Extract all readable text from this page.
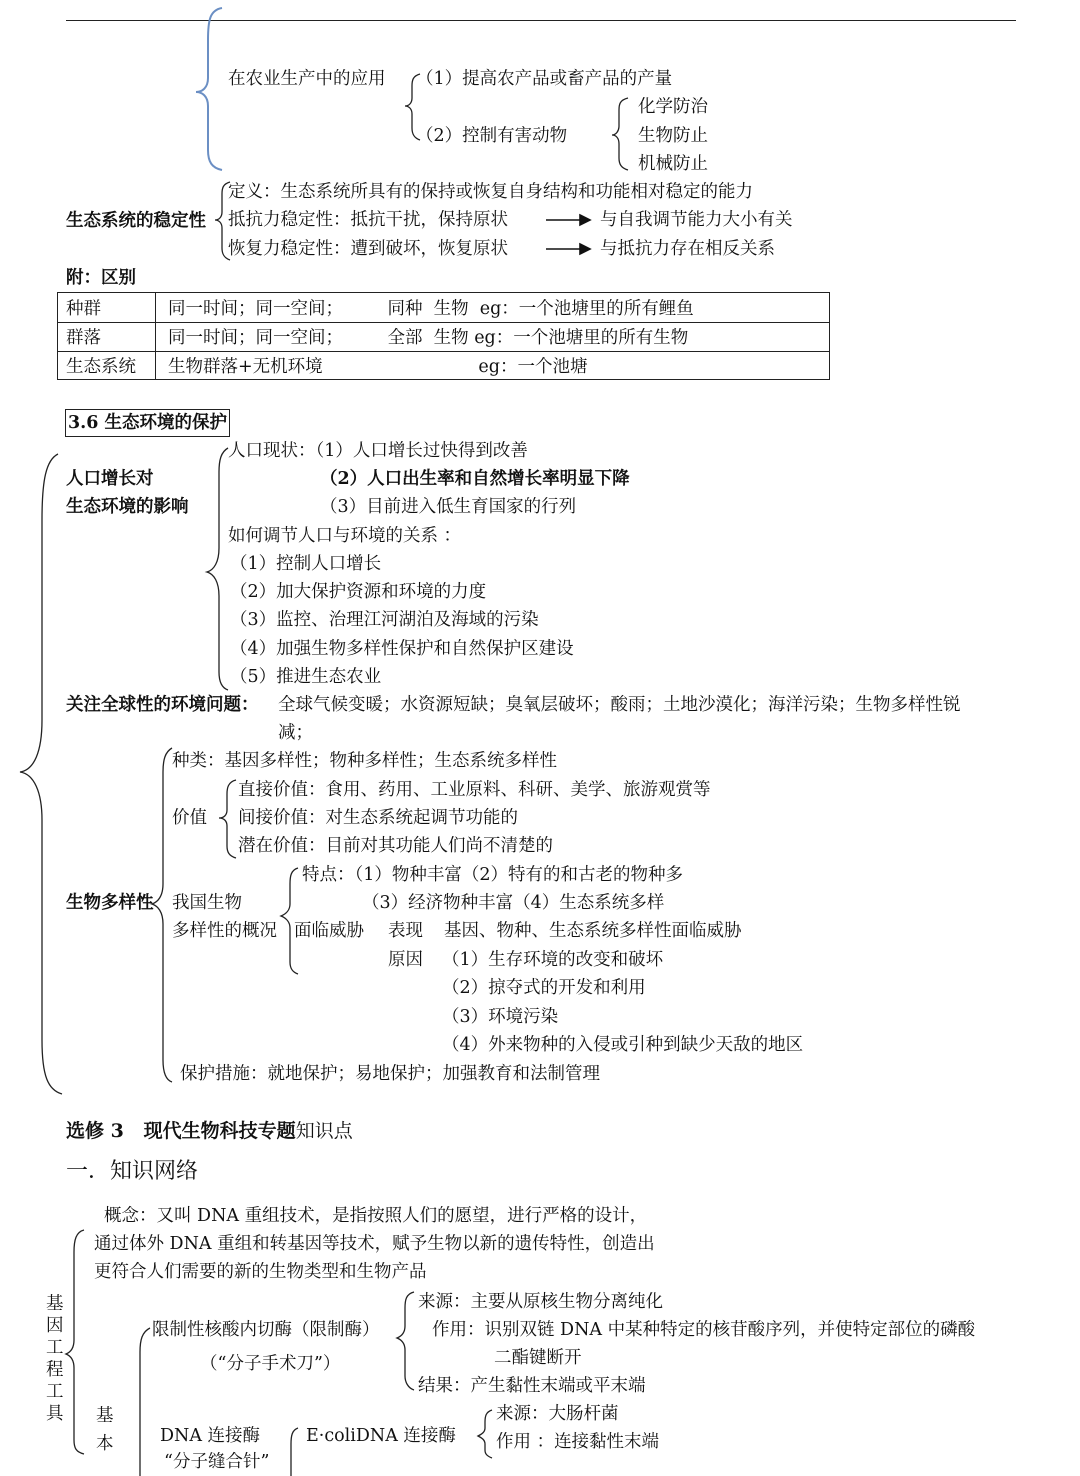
在农业生产中的应用 （1）提高农产品或畜产品的产量
（2）控制有害动物
化学防治
生物防止
机械防止
生态系统的稳定性
定义：生态系统所具有的保持或恢复自身结构和功能相对稳定的能力
抵抗力稳定性：抵抗干扰，保持原状	与自我调节能力大小有关
恢复力稳定性：遭到破坏，恢复原状	与抵抗力存在相反关系
附：区别
种群	同一时间；同一空间；        同种  生物  eg：一个池塘里的所有鲤鱼
群落	同一时间；同一空间；        全部  生物 eg：一个池塘里的所有生物
生态系统 生物群落+无机环境                            eg：一个池塘
3.6 生态环境的保护
人口增长对
生态环境的影响
人口现状：（1）人口增长过快得到改善
（2）人口出生率和自然增长率明显下降
（3）目前进入低生育国家的行列
如何调节人口与环境的关系 ：
（1）控制人口增长
（2）加大保护资源和环境的力度
（3）监控、治理江河湖泊及海域的污染
（4）加强生物多样性保护和自然保护区建设
（5）推进生态农业
关注全球性的环境问题： 全球气候变暖；水资源短缺；臭氧层破坏；酸雨；土地沙漠化；海洋污染；生物多样性锐
减；
生物多样性
种类：基因多样性；物种多样性；生态系统多样性
价值
直接价值：食用、药用、工业原料、科研、美学、旅游观赏等
间接价值：对生态系统起调节功能的
潜在价值：目前对其功能人们尚不清楚的
我国生物
多样性的概况
特点：（1）物种丰富（2）特有的和古老的物种多
（3）经济物种丰富（4）生态系统多样
面临威胁 表现 基因、物种、生态系统多样性面临威胁
原因 （1）生存环境的改变和破坏
（2）掠夺式的开发和利用
（3）环境污染
（4）外来物种的入侵或引种到缺少天敌的地区
保护措施：就地保护；易地保护；加强教育和法制管理
选修 3   现代生物科技专题知识点
一．知识网络
概念：又叫 DNA 重组技术，是指按照人们的愿望，进行严格的设计，
通过体外 DNA 重组和转基因等技术，赋予生物以新的遗传特性，创造出
更符合人们需要的新的生物类型和生物产品
基
因
工
程
工
具 基
本
限制性核酸内切酶（限制酶）
（“分子手术刀”）
来源：主要从原核生物分离纯化
作用：识别双链 DNA 中某种特定的核苷酸序列，并使特定部位的磷酸
二酯键断开
结果：产生黏性末端或平末端
DNA 连接酶
“分子缝合针”
E·coliDNA 连接酶
来源：大肠杆菌
作用 ：连接黏性末端
